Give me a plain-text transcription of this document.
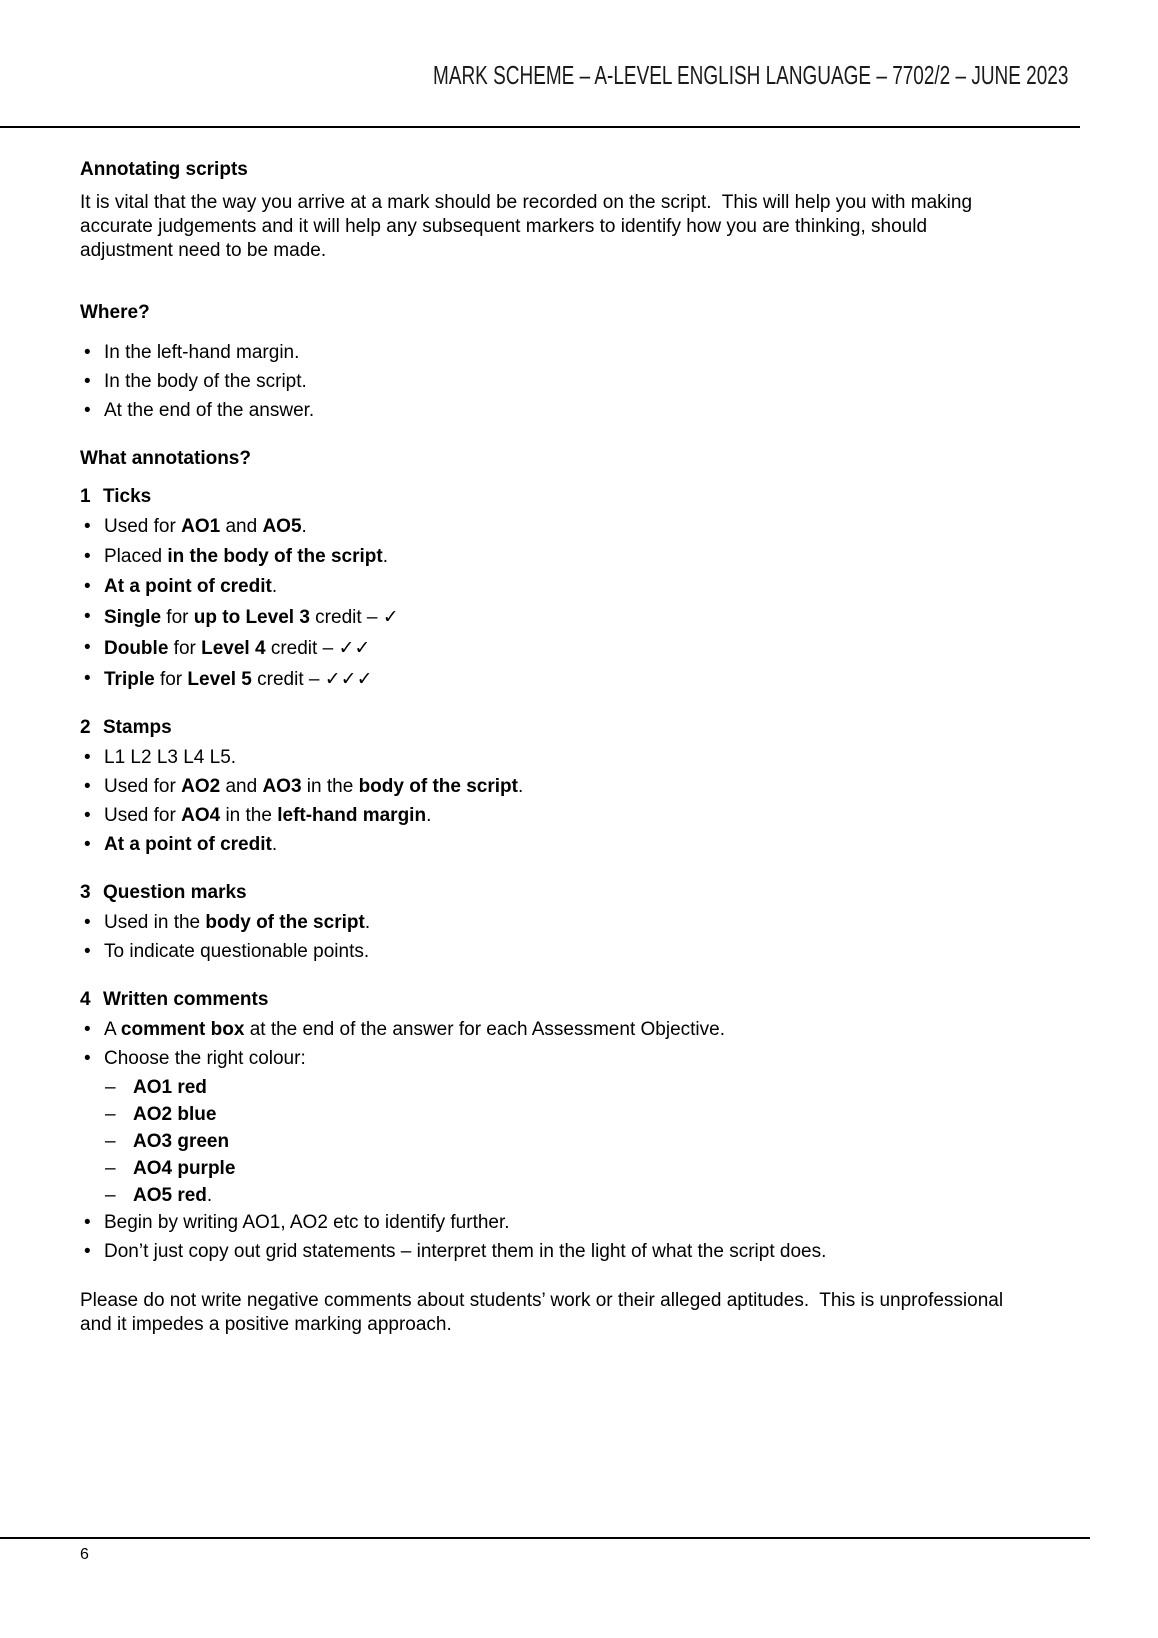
MARK SCHEME – A-LEVEL ENGLISH LANGUAGE – 7702/2 – JUNE 2023
Annotating scripts

It is vital that the way you arrive at a mark should be recorded on the script.  This will help you with making accurate judgements and it will help any subsequent markers to identify how you are thinking, should adjustment need to be made.

Where?
• In the left-hand margin.
• In the body of the script.
• At the end of the answer.
What annotations?
1 Ticks
• Used for AO1 and AO5.
• Placed in the body of the script.
• At a point of credit.
• Single for up to Level 3 credit – ✓
• Double for Level 4 credit – ✓✓
• Triple for Level 5 credit – ✓✓✓
2 Stamps
• L1 L2 L3 L4 L5.
• Used for AO2 and AO3 in the body of the script.
• Used for AO4 in the left-hand margin.
• At a point of credit.
3 Question marks
• Used in the body of the script.
• To indicate questionable points.
4 Written comments
• A comment box at the end of the answer for each Assessment Objective.
• Choose the right colour:
– AO1 red
– AO2 blue
– AO3 green
– AO4 purple
– AO5 red.
• Begin by writing AO1, AO2 etc to identify further.
• Don’t just copy out grid statements – interpret them in the light of what the script does.

Please do not write negative comments about students’ work or their alleged aptitudes.  This is unprofessional and it impedes a positive marking approach.

6
